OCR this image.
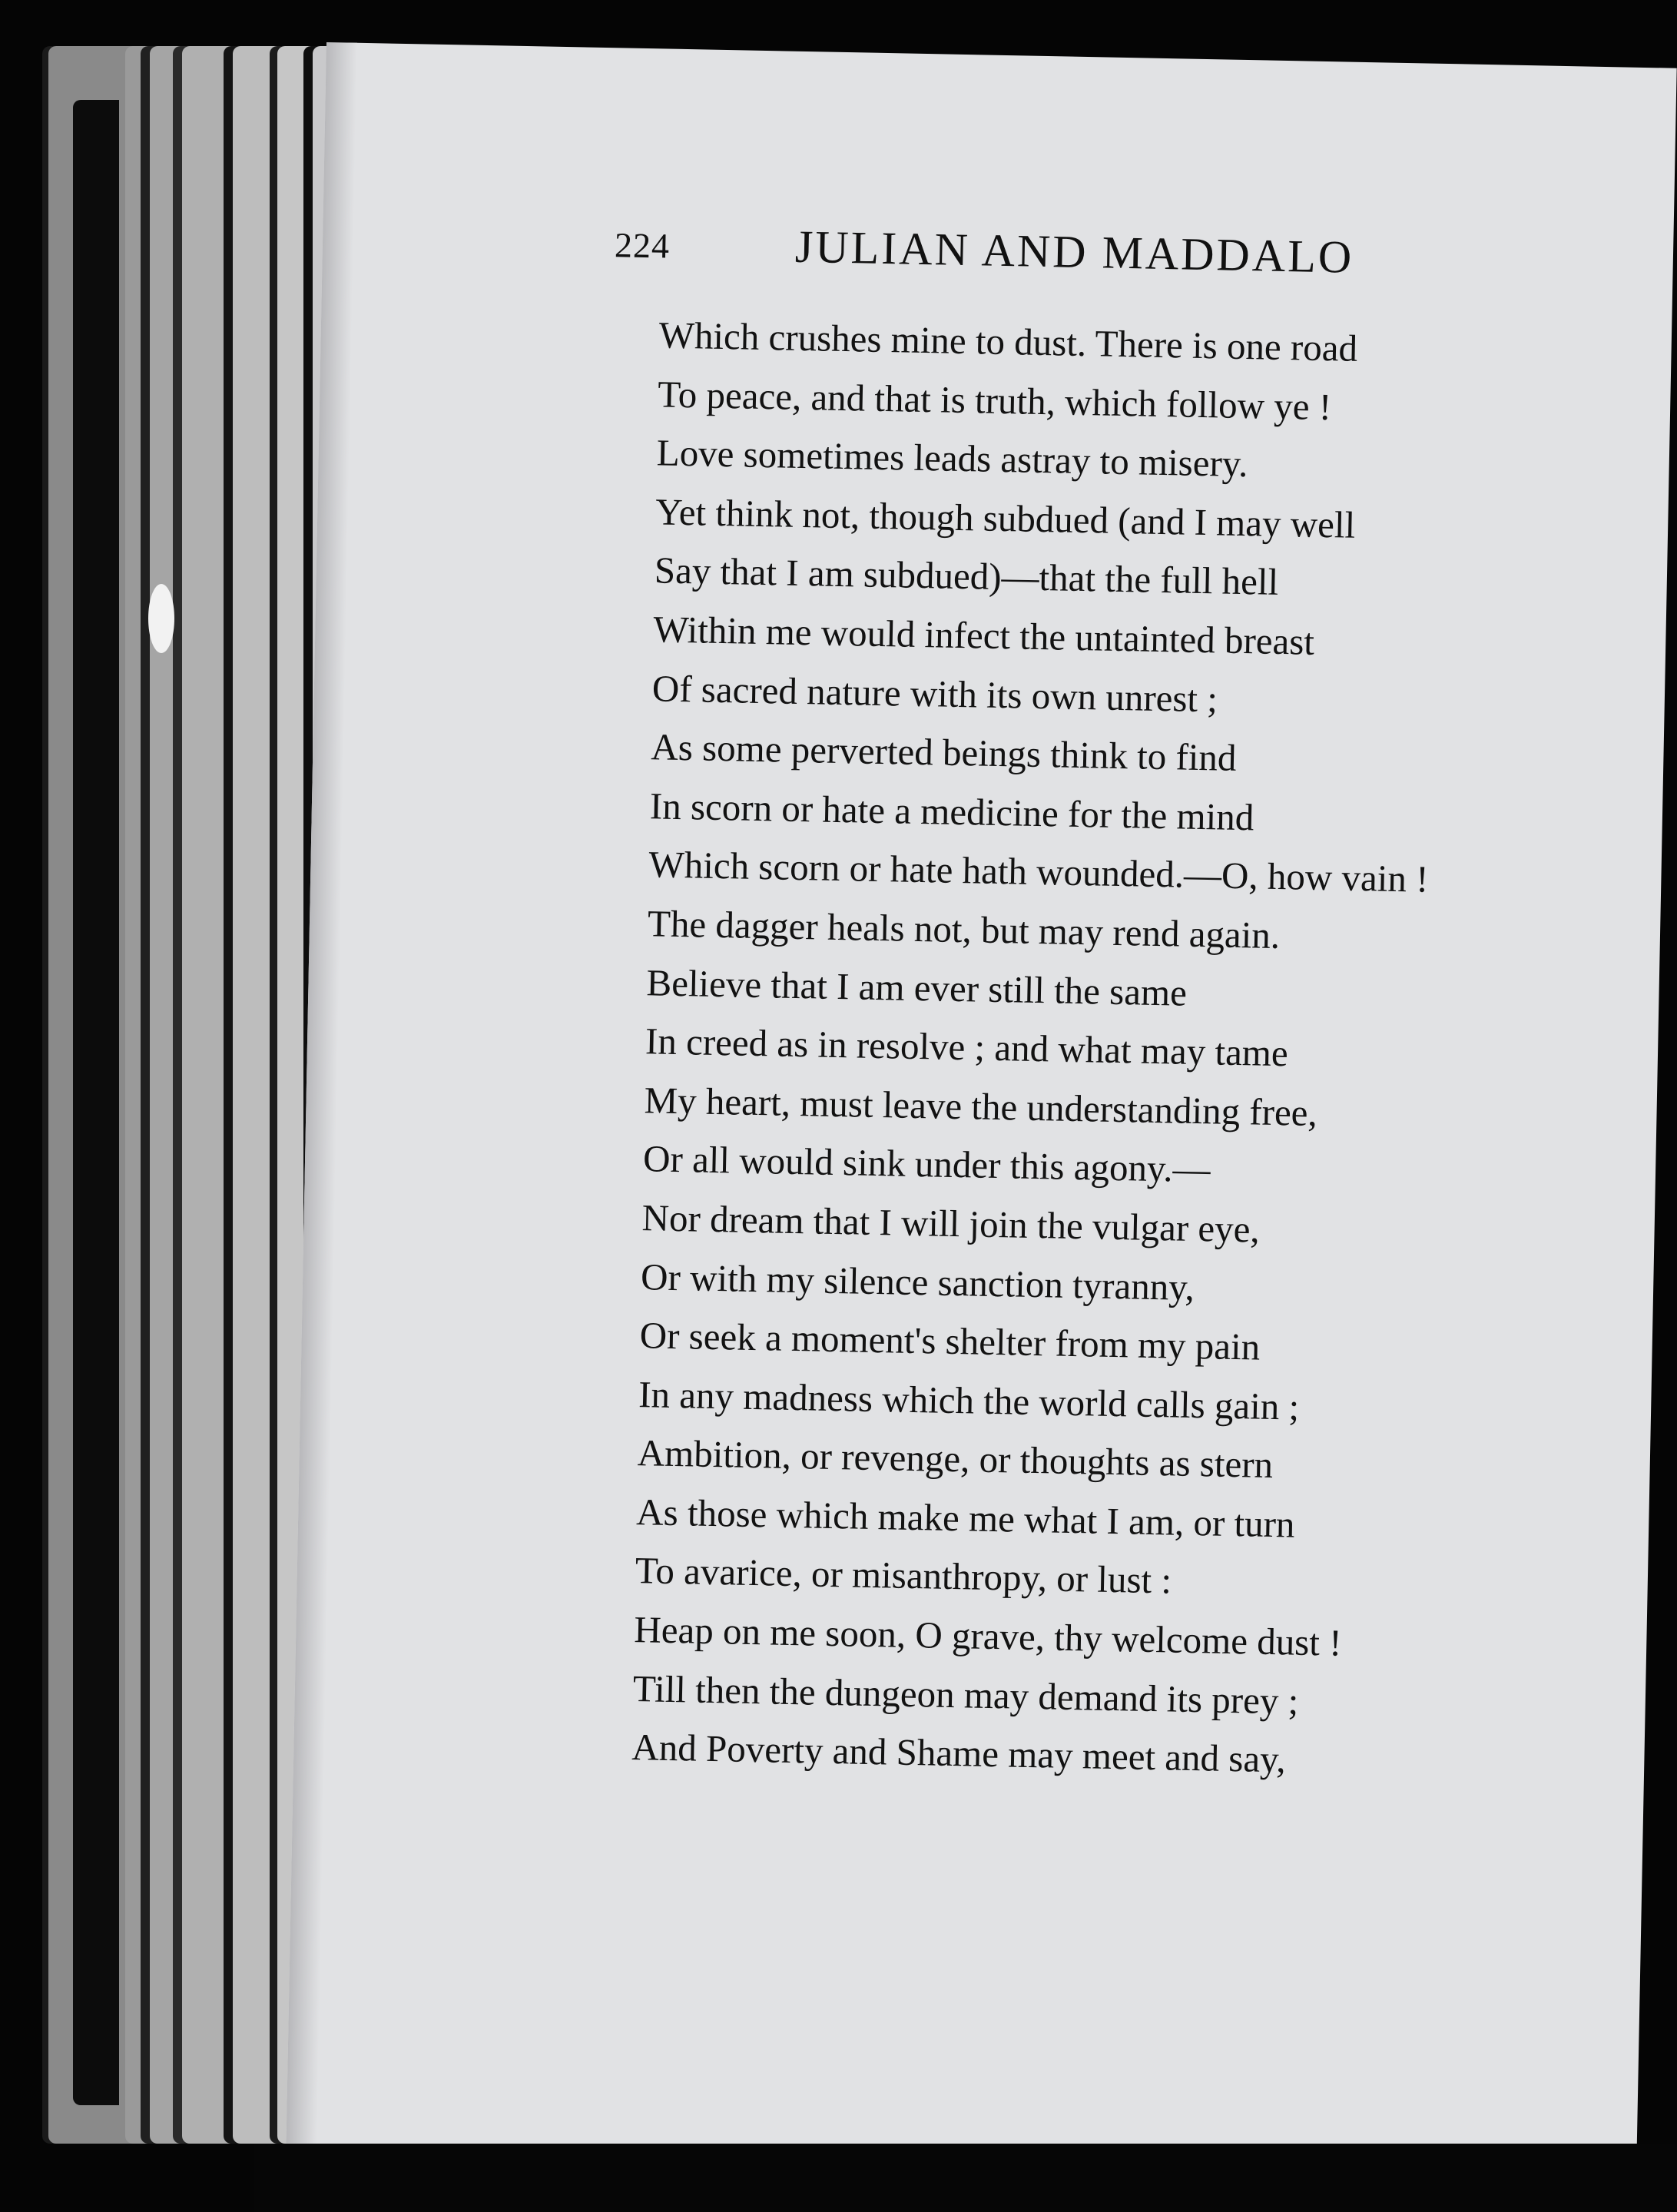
224	JULIAN AND MADDALO
Which crushes mine to dust. There is one road
To peace, and that is truth, which follow ye !
Love sometimes leads astray to misery.
Yet think not, though subdued (and I may well
Say that I am subdued)—that the full hell
Within me would infect the untainted breast
Of sacred nature with its own unrest ;
As some perverted beings think to find
In scorn or hate a medicine for the mind
Which scorn or hate hath wounded.—O, how vain !
The dagger heals not, but may rend again.
Believe that I am ever still the same
In creed as in resolve ; and what may tame
My heart, must leave the understanding free,
Or all would sink under this agony.—
Nor dream that I will join the vulgar eye,
Or with my silence sanction tyranny,
Or seek a moment's shelter from my pain
In any madness which the world calls gain ;
Ambition, or revenge, or thoughts as stern
As those which make me what I am, or turn
To avarice, or misanthropy, or lust :
Heap on me soon, O grave, thy welcome dust !
Till then the dungeon may demand its prey ;
And Poverty and Shame may meet and say,
